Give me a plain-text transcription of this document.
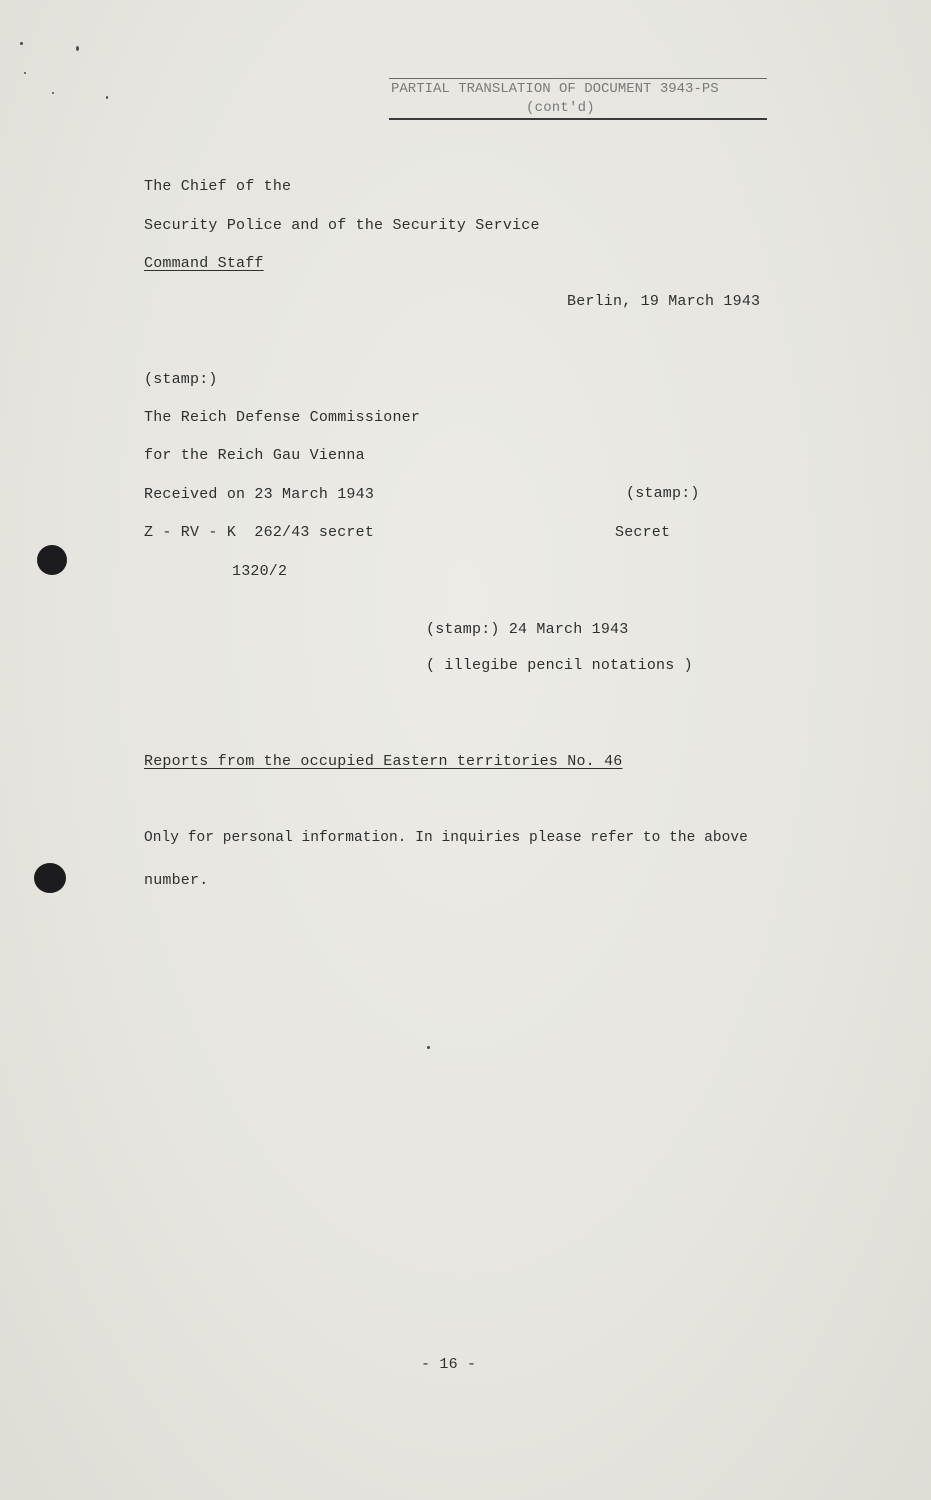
PARTIAL TRANSLATION OF DOCUMENT 3943-PS
(cont'd)
The Chief of the
Security Police and of the Security Service
Command Staff
Berlin, 19 March 1943
(stamp:)
The Reich Defense Commissioner
for the Reich Gau Vienna
Received on 23 March 1943
Z - RV - K  262/43 secret
1320/2
(stamp:)
Secret
(stamp:) 24 March 1943
( illegibe pencil notations )
Reports from the occupied Eastern territories No. 46
Only for personal information. In inquiries please refer to the above
number.
- 16 -
